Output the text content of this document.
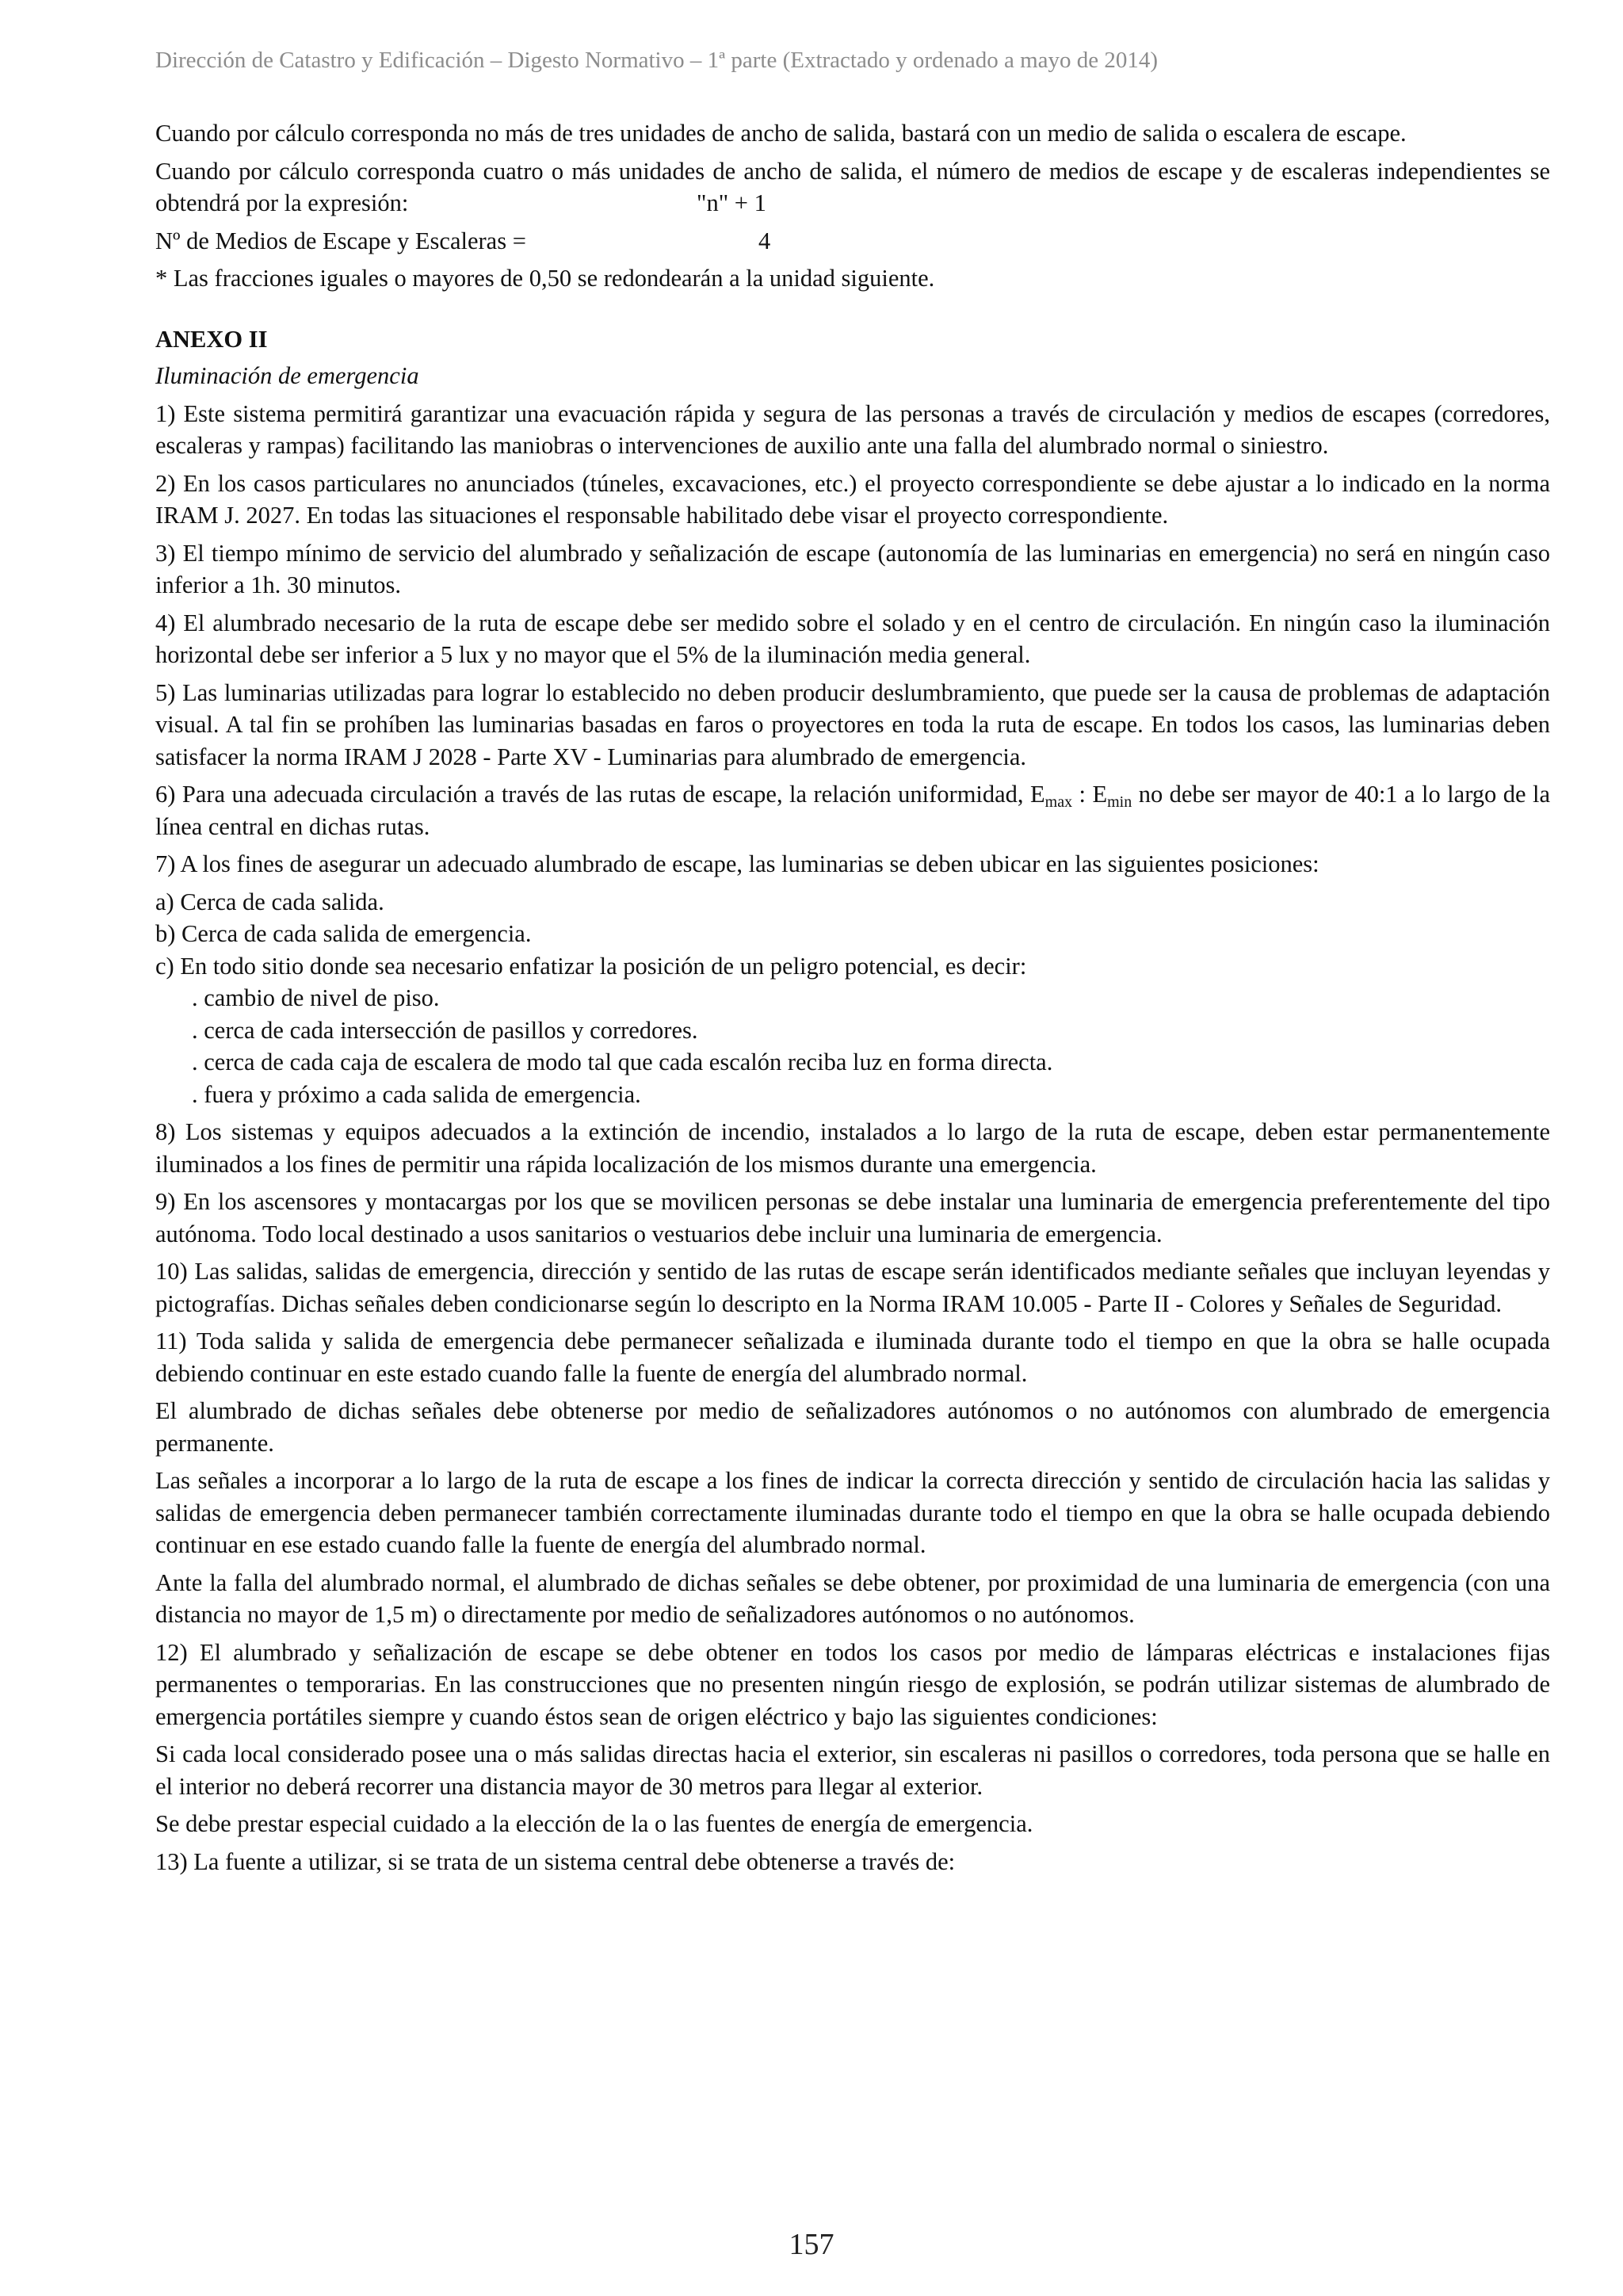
Dirección de Catastro y Edificación – Digesto Normativo – 1ª parte (Extractado y ordenado a mayo de 2014)

Cuando por cálculo corresponda no más de tres unidades de ancho de salida, bastará con un medio de salida o escalera de escape.

Cuando por cálculo corresponda cuatro o más unidades de ancho de salida, el número de medios de escape y de escaleras independientes se obtendrá por la expresión:	"n" + 1
Nº de Medios de Escape y Escaleras =	4

* Las fracciones iguales o mayores de 0,50 se redondearán a la unidad siguiente.

ANEXO II

Iluminación de emergencia

1) Este sistema permitirá garantizar una evacuación rápida y segura de las personas a través de circulación y medios de escapes (corredores, escaleras y rampas) facilitando las maniobras o intervenciones de auxilio ante una falla del alumbrado normal o siniestro.

2) En los casos particulares no anunciados (túneles, excavaciones, etc.) el proyecto correspondiente se debe ajustar a lo indicado en la norma IRAM J. 2027. En todas las situaciones el responsable habilitado debe visar el proyecto correspondiente.

3) El tiempo mínimo de servicio del alumbrado y señalización de escape (autonomía de las luminarias en emergencia) no será en ningún caso inferior a 1h. 30 minutos.

4) El alumbrado necesario de la ruta de escape debe ser medido sobre el solado y en el centro de circulación. En ningún caso la iluminación horizontal debe ser inferior a 5 lux y no mayor que el 5% de la iluminación media general.

5) Las luminarias utilizadas para lograr lo establecido no deben producir deslumbramiento, que puede ser la causa de problemas de adaptación visual. A tal fin se prohíben las luminarias basadas en faros o proyectores en toda la ruta de escape. En todos los casos, las luminarias deben satisfacer la norma IRAM J 2028 - Parte XV - Luminarias para alumbrado de emergencia.

6) Para una adecuada circulación a través de las rutas de escape, la relación uniformidad, $E_{max}$ : $E_{min}$ no debe ser mayor de 40:1 a lo largo de la línea central en dichas rutas.

7) A los fines de asegurar un adecuado alumbrado de escape, las luminarias se deben ubicar en las siguientes posiciones:

a) Cerca de cada salida.
b) Cerca de cada salida de emergencia.
c) En todo sitio donde sea necesario enfatizar la posición de un peligro potencial, es decir:
. cambio de nivel de piso.
. cerca de cada intersección de pasillos y corredores.
. cerca de cada caja de escalera de modo tal que cada escalón reciba luz en forma directa.
. fuera y próximo a cada salida de emergencia.

8) Los sistemas y equipos adecuados a la extinción de incendio, instalados a lo largo de la ruta de escape, deben estar permanentemente iluminados a los fines de permitir una rápida localización de los mismos durante una emergencia.

9) En los ascensores y montacargas por los que se movilicen personas se debe instalar una luminaria de emergencia preferentemente del tipo autónoma. Todo local destinado a usos sanitarios o vestuarios debe incluir una luminaria de emergencia.

10) Las salidas, salidas de emergencia, dirección y sentido de las rutas de escape serán identificados mediante señales que incluyan leyendas y pictografías. Dichas señales deben condicionarse según lo descripto en la Norma IRAM 10.005 - Parte II - Colores y Señales de Seguridad.

11) Toda salida y salida de emergencia debe permanecer señalizada e iluminada durante todo el tiempo en que la obra se halle ocupada debiendo continuar en este estado cuando falle la fuente de energía del alumbrado normal.

El alumbrado de dichas señales debe obtenerse por medio de señalizadores autónomos o no autónomos con alumbrado de emergencia permanente.

Las señales a incorporar a lo largo de la ruta de escape a los fines de indicar la correcta dirección y sentido de circulación hacia las salidas y salidas de emergencia deben permanecer también correctamente iluminadas durante todo el tiempo en que la obra se halle ocupada debiendo continuar en ese estado cuando falle la fuente de energía del alumbrado normal.

Ante la falla del alumbrado normal, el alumbrado de dichas señales se debe obtener, por proximidad de una luminaria de emergencia (con una distancia no mayor de 1,5 m) o directamente por medio de señalizadores autónomos o no autónomos.

12) El alumbrado y señalización de escape se debe obtener en todos los casos por medio de lámparas eléctricas e instalaciones fijas permanentes o temporarias. En las construcciones que no presenten ningún riesgo de explosión, se podrán utilizar sistemas de alumbrado de emergencia portátiles siempre y cuando éstos sean de origen eléctrico y bajo las siguientes condiciones:

Si cada local considerado posee una o más salidas directas hacia el exterior, sin escaleras ni pasillos o corredores, toda persona que se halle en el interior no deberá recorrer una distancia mayor de 30 metros para llegar al exterior.

Se debe prestar especial cuidado a la elección de la o las fuentes de energía de emergencia.

13) La fuente a utilizar, si se trata de un sistema central debe obtenerse a través de:

157
